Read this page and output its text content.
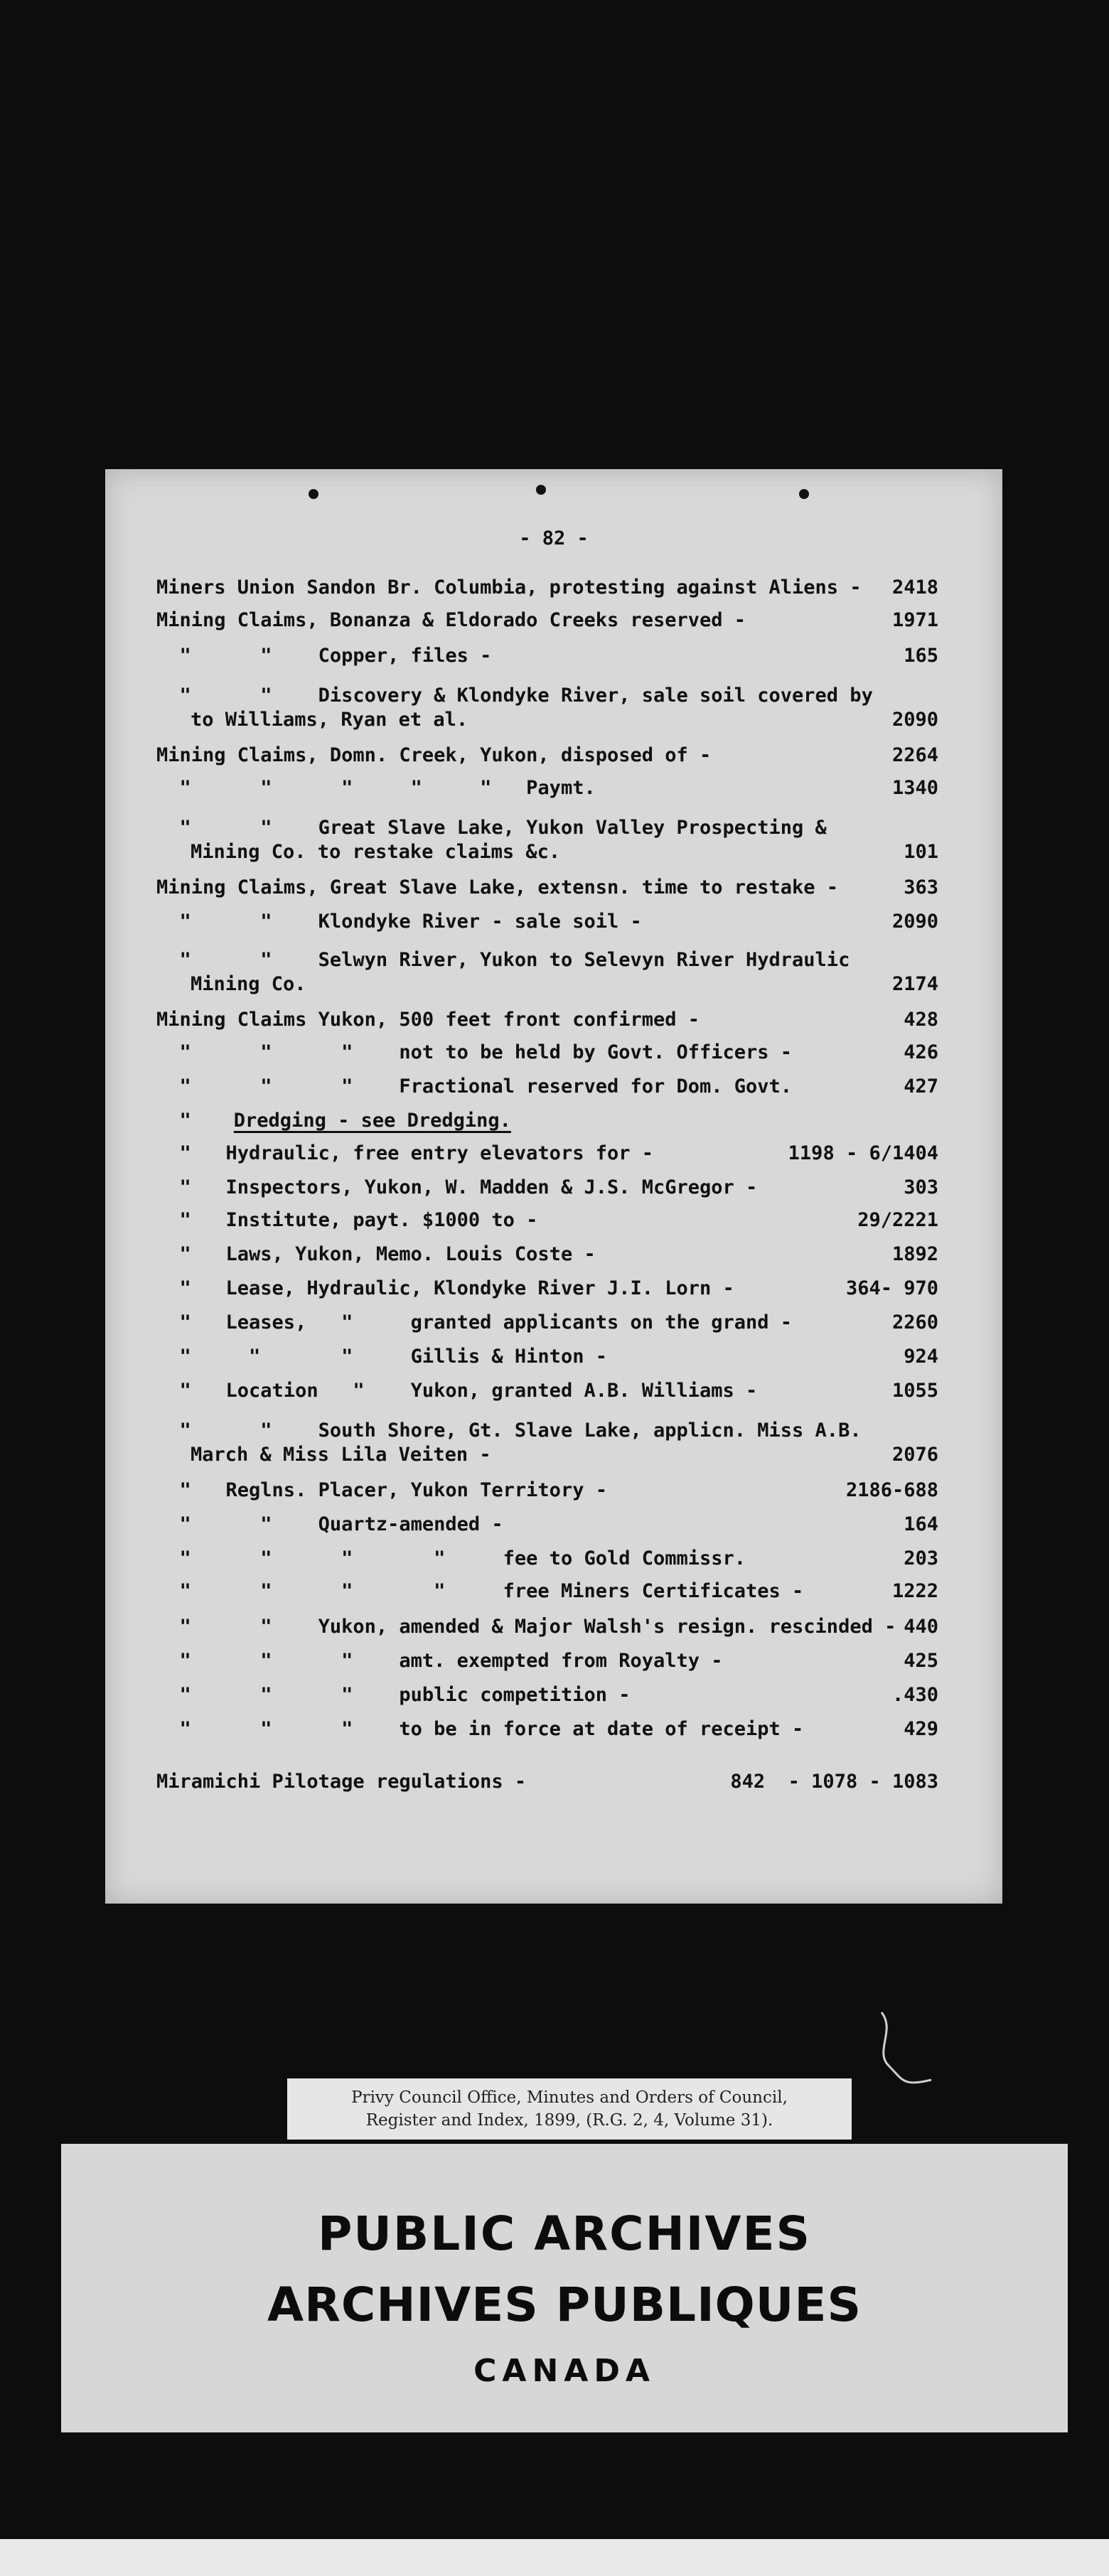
- 82 -
Miners Union Sandon Br. Columbia, protesting against Aliens - 2418
Mining Claims, Bonanza & Eldorado Creeks reserved -	1971
"      "    Copper, files -	165
"      "    Discovery & Klondyke River, sale soil covered by
to Williams, Ryan et al.	2090
Mining Claims, Domn. Creek, Yukon, disposed of -	2264
"      "      "     "     "   Paymt.	1340
"      "    Great Slave Lake, Yukon Valley Prospecting &
Mining Co. to restake claims &c.	101
Mining Claims, Great Slave Lake, extensn. time to restake -	363
"      "    Klondyke River - sale soil -	2090
"      "    Selwyn River, Yukon to Selevyn River Hydraulic
Mining Co.	2174
Mining Claims Yukon, 500 feet front confirmed -	428
"      "      "    not to be held by Govt. Officers -	426
"      "      "    Fractional reserved for Dom. Govt.	427
" Dredging - see Dredging.
"   Hydraulic, free entry elevators for -	1198 - 6/1404
"   Inspectors, Yukon, W. Madden & J.S. McGregor -	303
"   Institute, payt. $1000 to -	29/2221
"   Laws, Yukon, Memo. Louis Coste -	1892
"   Lease, Hydraulic, Klondyke River J.I. Lorn -	364- 970
"   Leases,   "     granted applicants on the grand -	2260
"     "       "     Gillis & Hinton -	924
"   Location   "    Yukon, granted A.B. Williams -	1055
"      "    South Shore, Gt. Slave Lake, applicn. Miss A.B.
March & Miss Lila Veiten -	2076
"   Reglns. Placer, Yukon Territory -	2186-688
"      "    Quartz-amended -	164
"      "      "       "     fee to Gold Commissr.	203
"      "      "       "     free Miners Certificates -	1222
"      "    Yukon, amended & Major Walsh's resign. rescinded - 440
"      "      "    amt. exempted from Royalty -	425
"      "      "    public competition -	.430
"      "      "    to be in force at date of receipt -	429
Miramichi Pilotage regulations -	842  - 1078 - 1083
Privy Council Office, Minutes and Orders of Council,
Register and Index, 1899, (R.G. 2, 4, Volume 31).
PUBLIC ARCHIVES
ARCHIVES PUBLIQUES
CANADA
